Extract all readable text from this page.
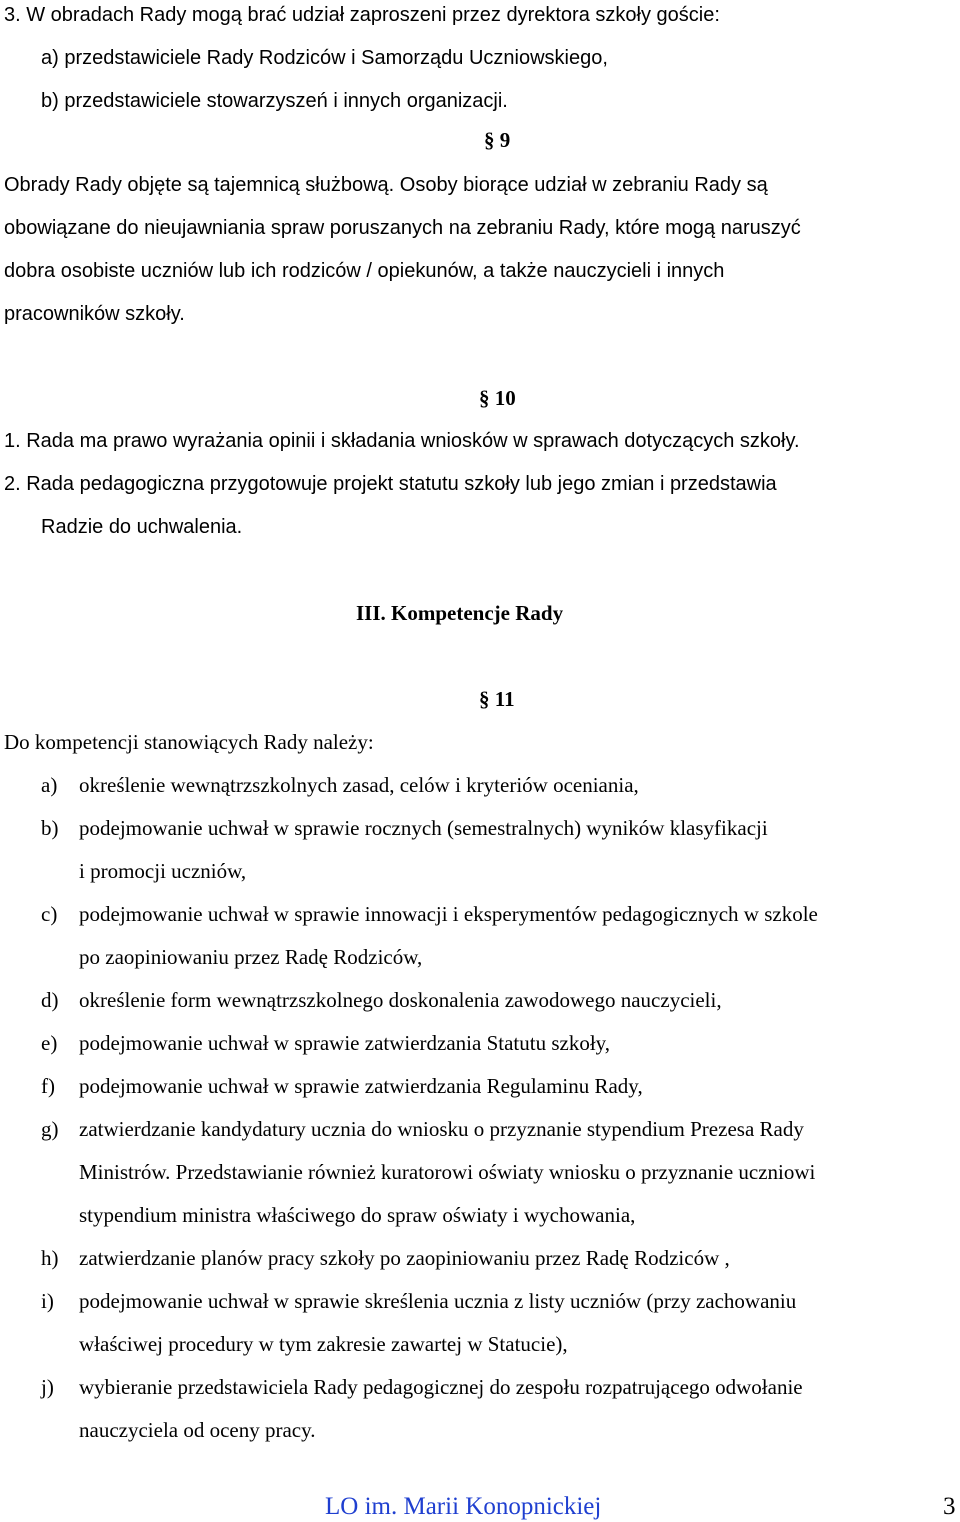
3. W obradach Rady mogą brać udział zaproszeni przez dyrektora szkoły goście:
a) przedstawiciele Rady Rodziców i Samorządu Uczniowskiego,
b) przedstawiciele stowarzyszeń i innych organizacji.
§ 9
Obrady Rady objęte są tajemnicą służbową. Osoby biorące udział w zebraniu Rady są
obowiązane do nieujawniania spraw poruszanych na zebraniu Rady, które mogą naruszyć
dobra osobiste uczniów lub ich rodziców / opiekunów, a także nauczycieli i innych
pracowników szkoły.
§ 10
1. Rada ma prawo wyrażania opinii i składania wniosków w sprawach dotyczących szkoły.
2. Rada pedagogiczna przygotowuje projekt statutu szkoły lub jego zmian i przedstawia
Radzie do uchwalenia.
III. Kompetencje Rady
§ 11
Do kompetencji stanowiących Rady należy:
a) określenie wewnątrzszkolnych zasad, celów i kryteriów oceniania,
b) podejmowanie uchwał w sprawie rocznych (semestralnych) wyników klasyfikacji
i promocji uczniów,
c) podejmowanie uchwał w sprawie innowacji i eksperymentów pedagogicznych w szkole
po zaopiniowaniu przez Radę Rodziców,
d) określenie form wewnątrzszkolnego doskonalenia zawodowego nauczycieli,
e) podejmowanie uchwał w sprawie zatwierdzania Statutu szkoły,
f) podejmowanie uchwał w sprawie zatwierdzania Regulaminu Rady,
g) zatwierdzanie kandydatury ucznia do wniosku o przyznanie stypendium Prezesa Rady
Ministrów. Przedstawianie również kuratorowi oświaty wniosku o przyznanie uczniowi
stypendium ministra właściwego do spraw oświaty i wychowania,
h) zatwierdzanie planów pracy szkoły po zaopiniowaniu przez Radę Rodziców ,
i) podejmowanie uchwał w sprawie skreślenia ucznia z listy uczniów (przy zachowaniu
właściwej procedury w tym zakresie zawartej w Statucie),
j) wybieranie przedstawiciela Rady pedagogicznej do zespołu rozpatrującego odwołanie
nauczyciela od oceny pracy.
LO im. Marii Konopnickiej	3
